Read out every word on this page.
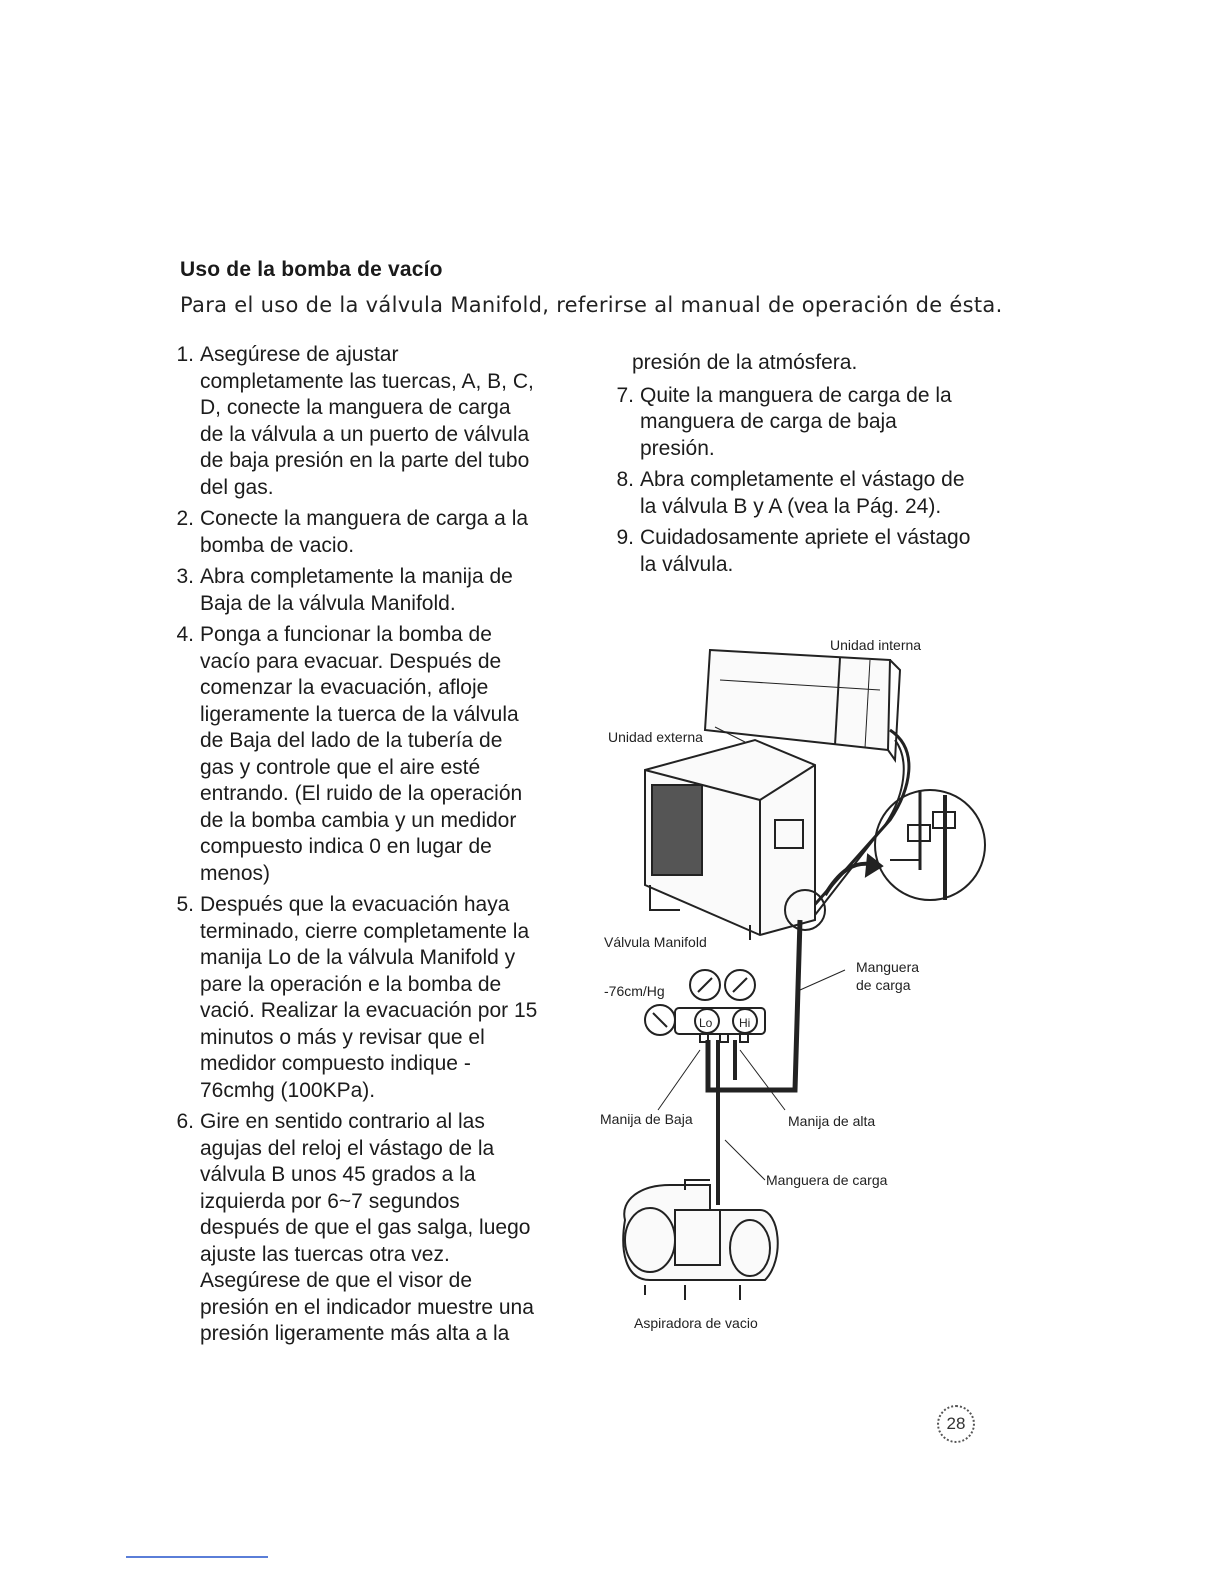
Uso de la bomba de vacío
Para el uso de la válvula Manifold, referirse al manual de operación de ésta.
1. Asegúrese de ajustar
completamente las tuercas, A, B, C,
D, conecte la manguera de carga
de la válvula a un puerto de válvula
de baja presión en la parte del tubo
del gas.
2. Conecte la manguera de carga a la
bomba de vacio.
3. Abra completamente la manija de
Baja de la válvula Manifold.
4. Ponga a funcionar la bomba de
vacío para evacuar. Después de
comenzar la evacuación, afloje
ligeramente la tuerca de la válvula
de Baja del lado de la tubería de
gas y controle que el aire esté
entrando. (El ruido de la operación
de la bomba cambia y un medidor
compuesto indica 0 en lugar de
menos)
5. Después que la evacuación haya
terminado, cierre completamente la
manija Lo de la válvula Manifold y
pare la operación e la bomba de
vació. Realizar la evacuación por 15
minutos o más y revisar que el
medidor compuesto indique -
76cmhg (100KPa).
6. Gire en sentido contrario al las
agujas del reloj el vástago de la
válvula B unos 45 grados a la
izquierda por 6~7 segundos
después de que el gas salga, luego
ajuste las tuercas otra vez.
Asegúrese de que el visor de
presión en el indicador muestre una
presión ligeramente más alta a la
presión de la atmósfera.
7. Quite la manguera de carga de la
manguera de carga de baja
presión.
8. Abra completamente el vástago de
la válvula B y A (vea la Pág. 24).
9. Cuidadosamente apriete el vástago
la válvula.
Lo Hi
Unidad interna
Unidad externa
Válvula Manifold
-76cm/Hg
Manguera
de carga
Manija de Baja	Manija de alta
Manguera de carga
Aspiradora de vacio
28
